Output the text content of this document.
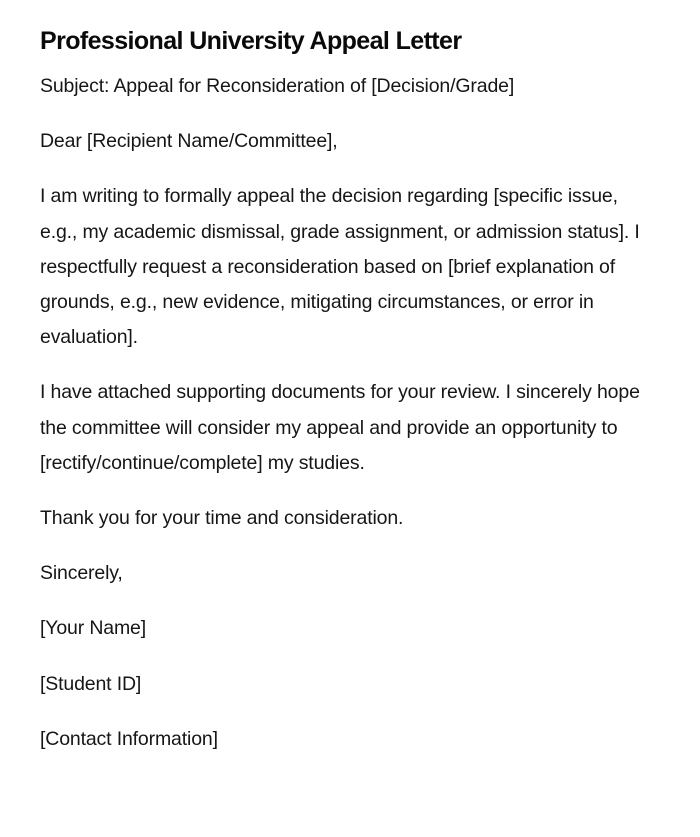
Professional University Appeal Letter

Subject: Appeal for Reconsideration of [Decision/Grade]

Dear [Recipient Name/Committee],

I am writing to formally appeal the decision regarding [specific issue, e.g., my academic dismissal, grade assignment, or admission status]. I respectfully request a reconsideration based on [brief explanation of grounds, e.g., new evidence, mitigating circumstances, or error in evaluation].

I have attached supporting documents for your review. I sincerely hope the committee will consider my appeal and provide an opportunity to [rectify/continue/complete] my studies.

Thank you for your time and consideration.

Sincerely,

[Your Name]

[Student ID]

[Contact Information]
